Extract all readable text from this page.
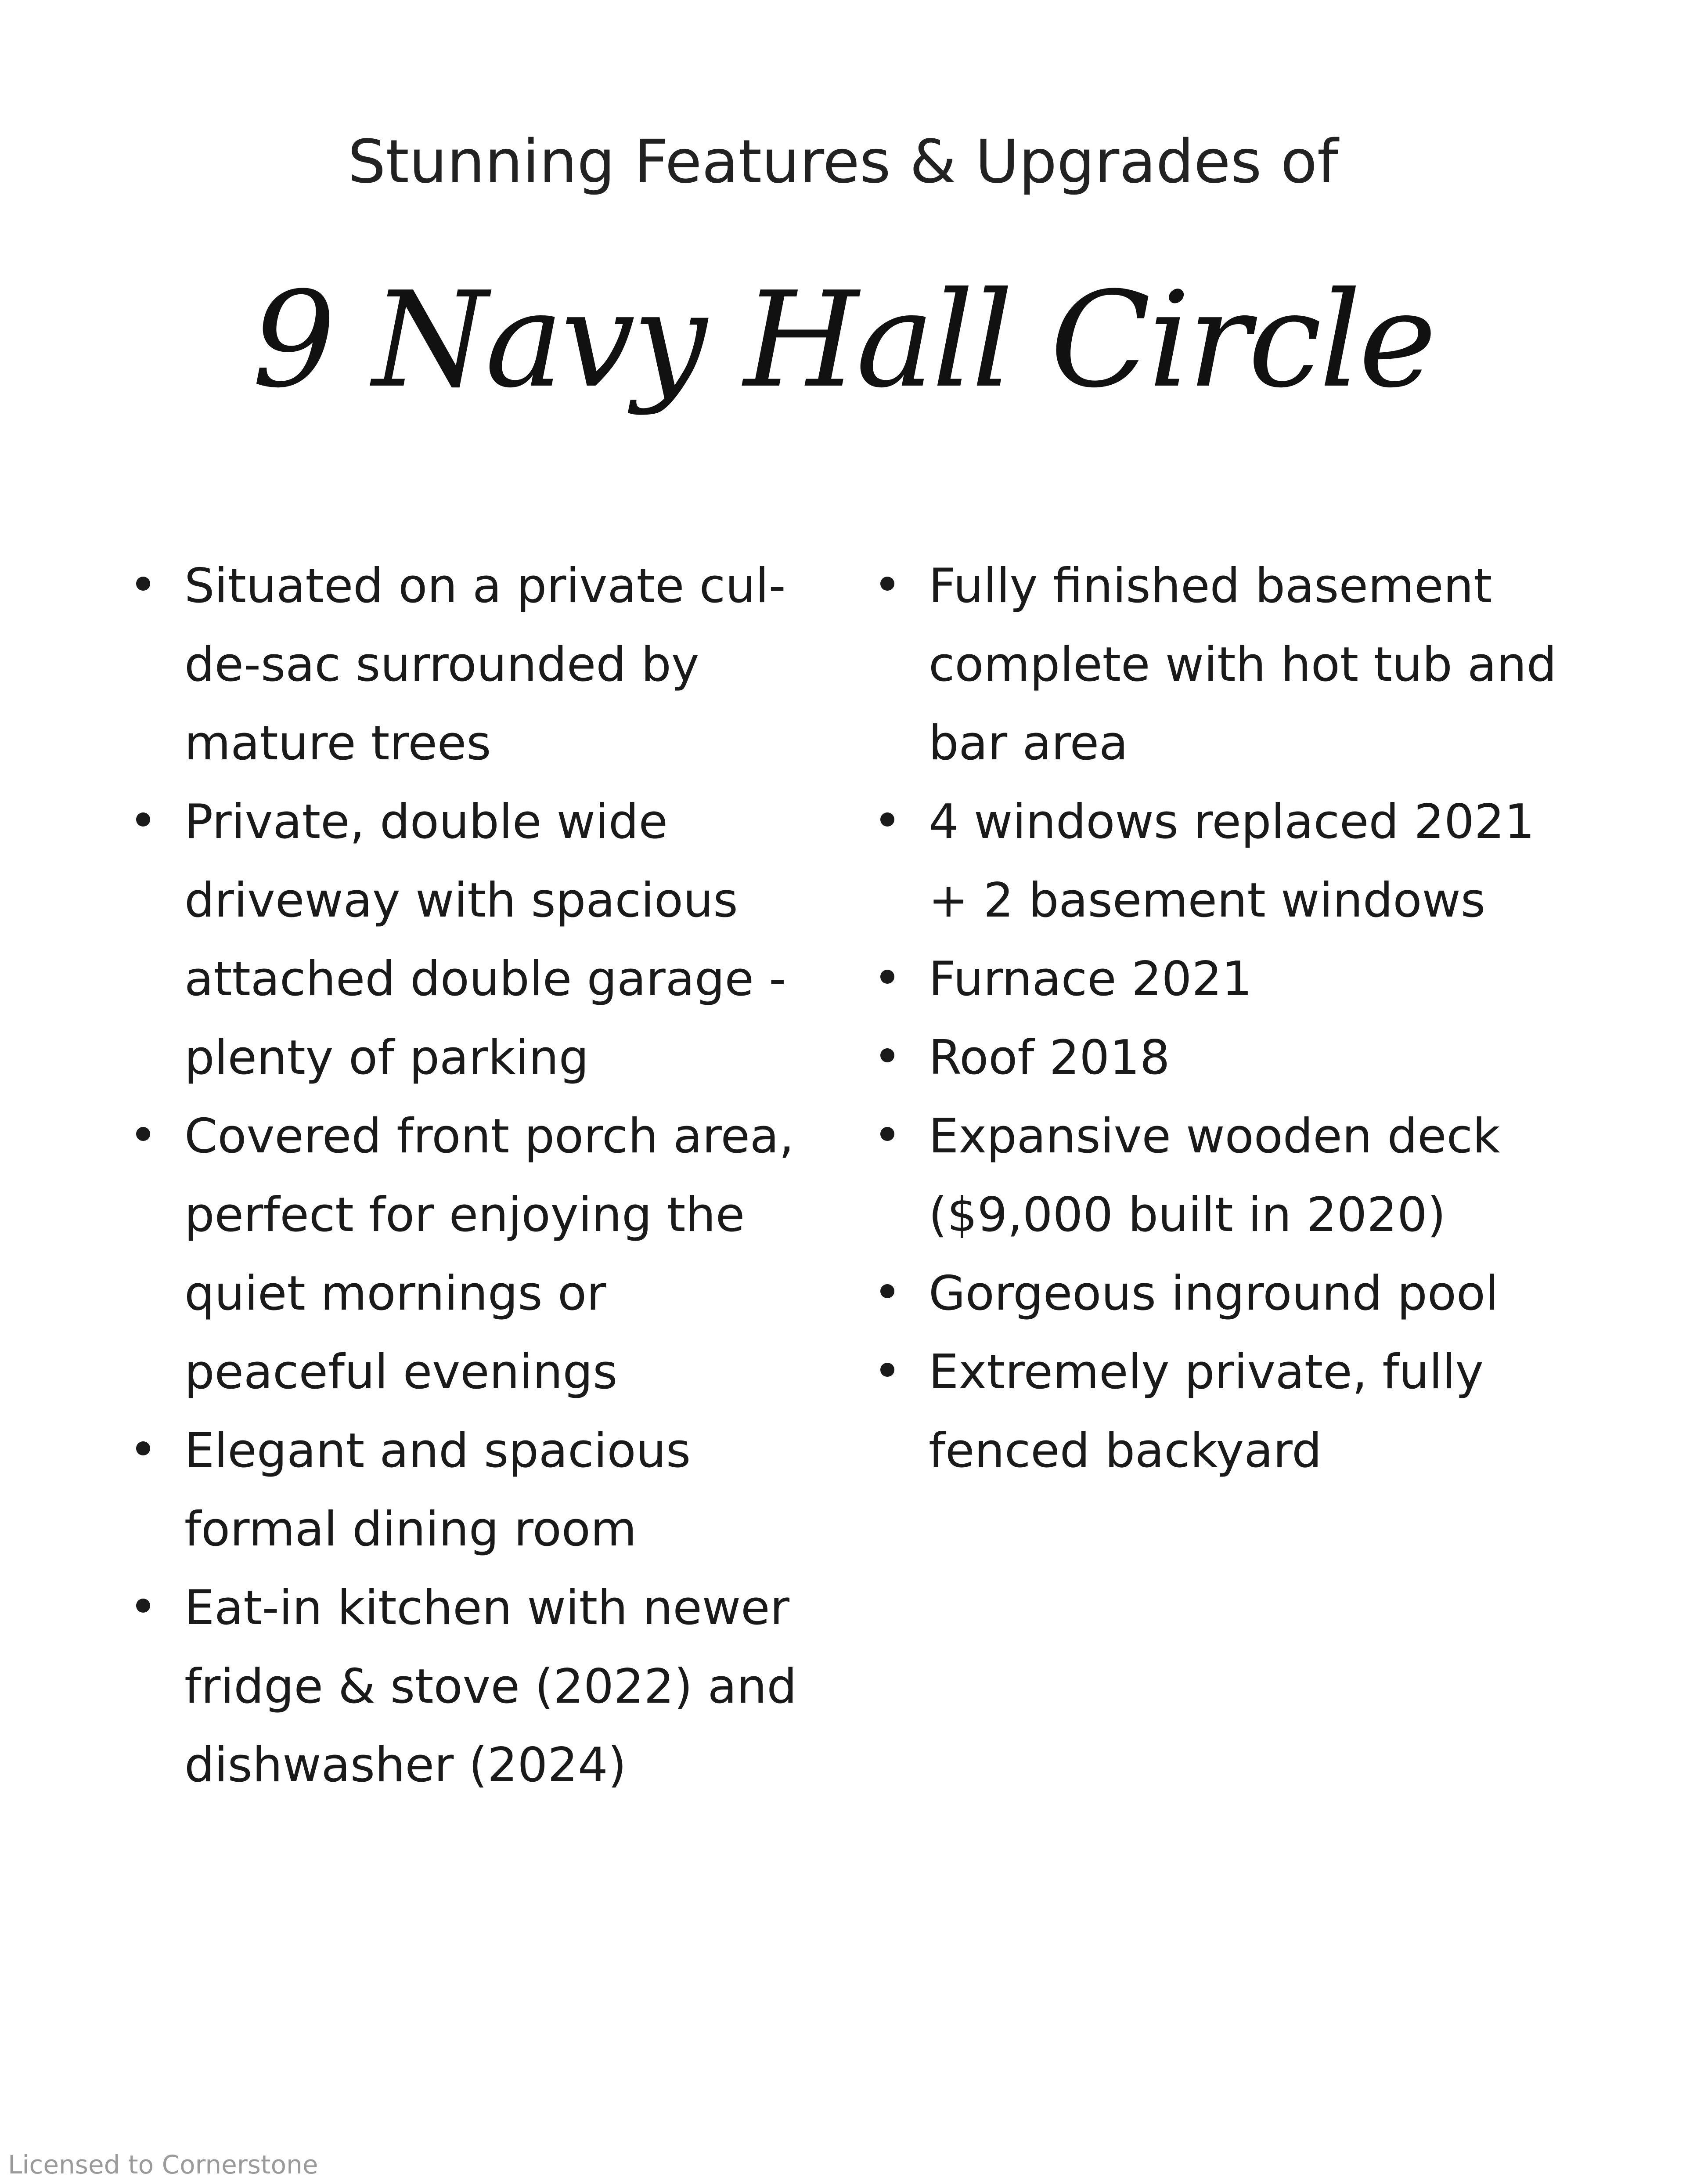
Stunning Features & Upgrades of
9 Navy Hall Circle
Situated on a private cul-
de-sac surrounded by
mature trees
Private, double wide
driveway with spacious
attached double garage -
plenty of parking
Covered front porch area,
perfect for enjoying the
quiet mornings or
peaceful evenings
Elegant and spacious
formal dining room
Eat-in kitchen with newer
fridge & stove (2022) and
dishwasher (2024)
Fully finished basement
complete with hot tub and
bar area
4 windows replaced 2021
+ 2 basement windows
Furnace 2021
Roof 2018
Expansive wooden deck
($9,000 built in 2020)
Gorgeous inground pool
Extremely private, fully
fenced backyard
Licensed to Cornerstone
